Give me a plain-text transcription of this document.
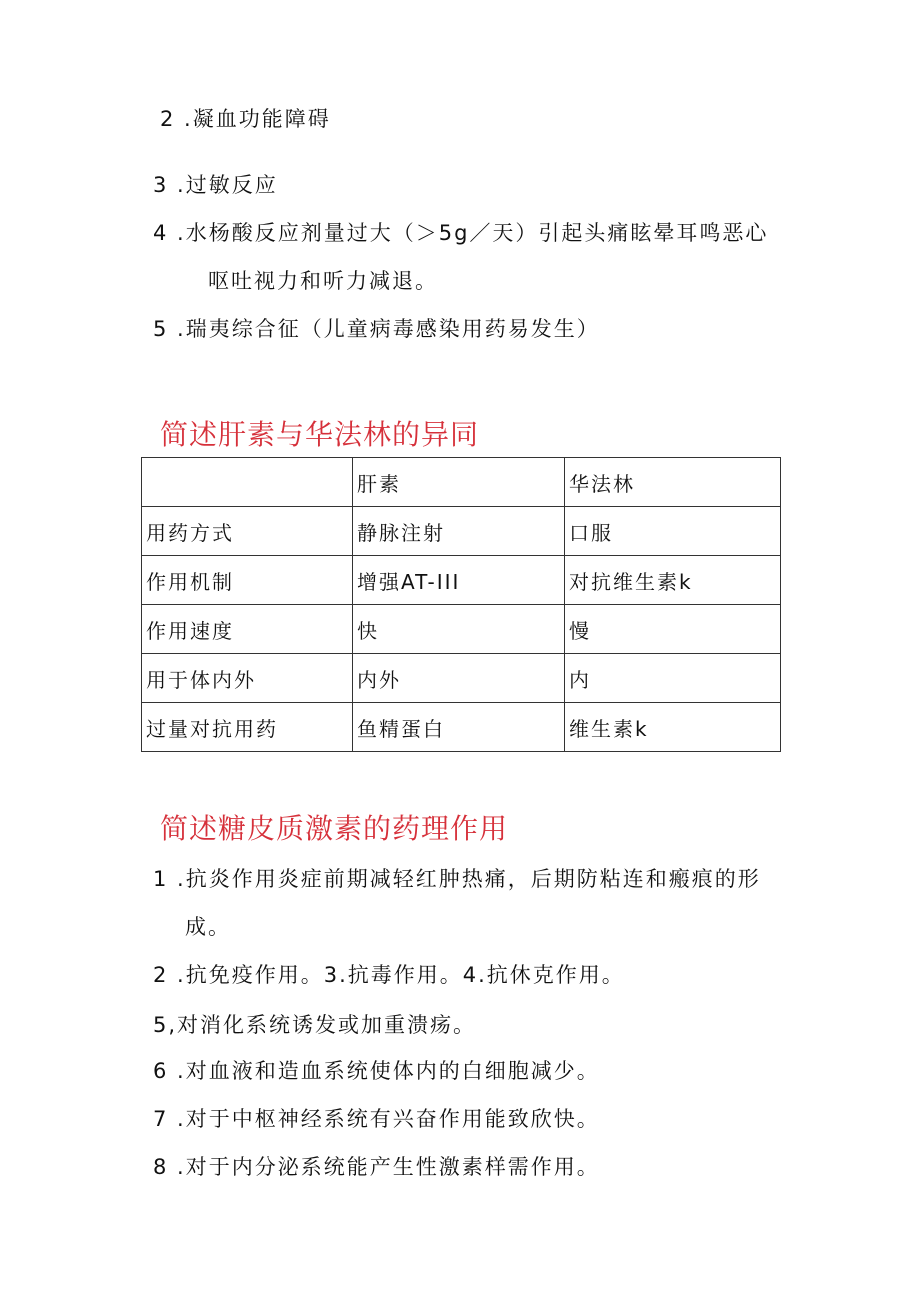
2 .凝血功能障碍
3 .过敏反应
4 .水杨酸反应剂量过大（＞5g／天）引起头痛眩晕耳鸣恶心
呕吐视力和听力减退。
5 .瑞夷综合征（儿童病毒感染用药易发生）
简述肝素与华法林的异同
	肝素	华法林
用药方式	静脉注射	口服
作用机制	增强AT-III	对抗维生素k
作用速度	快	慢
用于体内外	内外	内
过量对抗用药	鱼精蛋白	维生素k
简述糖皮质激素的药理作用
1 .抗炎作用炎症前期减轻红肿热痛，后期防粘连和瘢痕的形
成。
2 .抗免疫作用。3.抗毒作用。4.抗休克作用。
5,对消化系统诱发或加重溃疡。
6 .对血液和造血系统使体内的白细胞减少。
7 .对于中枢神经系统有兴奋作用能致欣快。
8 .对于内分泌系统能产生性激素样需作用。
